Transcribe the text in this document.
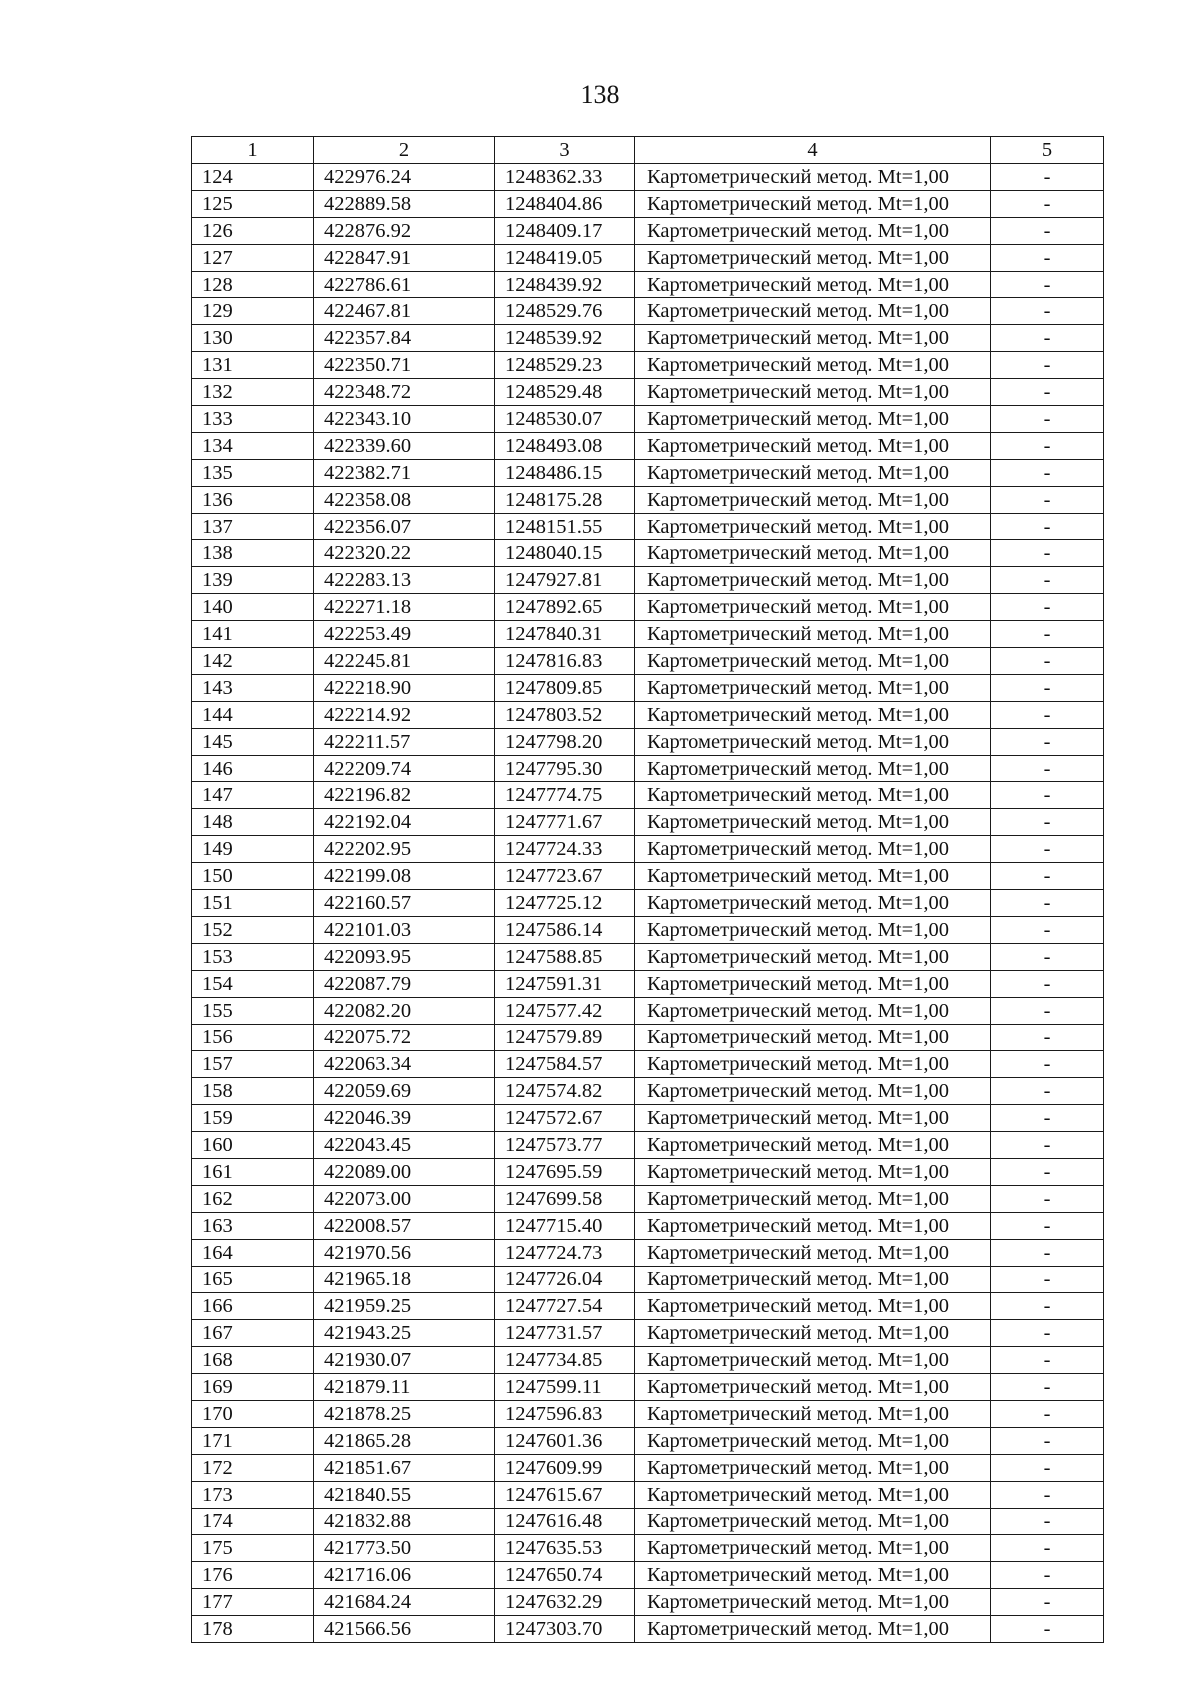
138
1	2	3	4	5
124	422976.24	1248362.33	Картометрический метод. Mt=1,00	-
125	422889.58	1248404.86	Картометрический метод. Mt=1,00	-
126	422876.92	1248409.17	Картометрический метод. Mt=1,00	-
127	422847.91	1248419.05	Картометрический метод. Mt=1,00	-
128	422786.61	1248439.92	Картометрический метод. Mt=1,00	-
129	422467.81	1248529.76	Картометрический метод. Mt=1,00	-
130	422357.84	1248539.92	Картометрический метод. Mt=1,00	-
131	422350.71	1248529.23	Картометрический метод. Mt=1,00	-
132	422348.72	1248529.48	Картометрический метод. Mt=1,00	-
133	422343.10	1248530.07	Картометрический метод. Mt=1,00	-
134	422339.60	1248493.08	Картометрический метод. Mt=1,00	-
135	422382.71	1248486.15	Картометрический метод. Mt=1,00	-
136	422358.08	1248175.28	Картометрический метод. Mt=1,00	-
137	422356.07	1248151.55	Картометрический метод. Mt=1,00	-
138	422320.22	1248040.15	Картометрический метод. Mt=1,00	-
139	422283.13	1247927.81	Картометрический метод. Mt=1,00	-
140	422271.18	1247892.65	Картометрический метод. Mt=1,00	-
141	422253.49	1247840.31	Картометрический метод. Mt=1,00	-
142	422245.81	1247816.83	Картометрический метод. Mt=1,00	-
143	422218.90	1247809.85	Картометрический метод. Mt=1,00	-
144	422214.92	1247803.52	Картометрический метод. Mt=1,00	-
145	422211.57	1247798.20	Картометрический метод. Mt=1,00	-
146	422209.74	1247795.30	Картометрический метод. Mt=1,00	-
147	422196.82	1247774.75	Картометрический метод. Mt=1,00	-
148	422192.04	1247771.67	Картометрический метод. Mt=1,00	-
149	422202.95	1247724.33	Картометрический метод. Mt=1,00	-
150	422199.08	1247723.67	Картометрический метод. Mt=1,00	-
151	422160.57	1247725.12	Картометрический метод. Mt=1,00	-
152	422101.03	1247586.14	Картометрический метод. Mt=1,00	-
153	422093.95	1247588.85	Картометрический метод. Mt=1,00	-
154	422087.79	1247591.31	Картометрический метод. Mt=1,00	-
155	422082.20	1247577.42	Картометрический метод. Mt=1,00	-
156	422075.72	1247579.89	Картометрический метод. Mt=1,00	-
157	422063.34	1247584.57	Картометрический метод. Mt=1,00	-
158	422059.69	1247574.82	Картометрический метод. Mt=1,00	-
159	422046.39	1247572.67	Картометрический метод. Mt=1,00	-
160	422043.45	1247573.77	Картометрический метод. Mt=1,00	-
161	422089.00	1247695.59	Картометрический метод. Mt=1,00	-
162	422073.00	1247699.58	Картометрический метод. Mt=1,00	-
163	422008.57	1247715.40	Картометрический метод. Mt=1,00	-
164	421970.56	1247724.73	Картометрический метод. Mt=1,00	-
165	421965.18	1247726.04	Картометрический метод. Mt=1,00	-
166	421959.25	1247727.54	Картометрический метод. Mt=1,00	-
167	421943.25	1247731.57	Картометрический метод. Mt=1,00	-
168	421930.07	1247734.85	Картометрический метод. Mt=1,00	-
169	421879.11	1247599.11	Картометрический метод. Mt=1,00	-
170	421878.25	1247596.83	Картометрический метод. Mt=1,00	-
171	421865.28	1247601.36	Картометрический метод. Mt=1,00	-
172	421851.67	1247609.99	Картометрический метод. Mt=1,00	-
173	421840.55	1247615.67	Картометрический метод. Mt=1,00	-
174	421832.88	1247616.48	Картометрический метод. Mt=1,00	-
175	421773.50	1247635.53	Картометрический метод. Mt=1,00	-
176	421716.06	1247650.74	Картометрический метод. Mt=1,00	-
177	421684.24	1247632.29	Картометрический метод. Mt=1,00	-
178	421566.56	1247303.70	Картометрический метод. Mt=1,00	-
